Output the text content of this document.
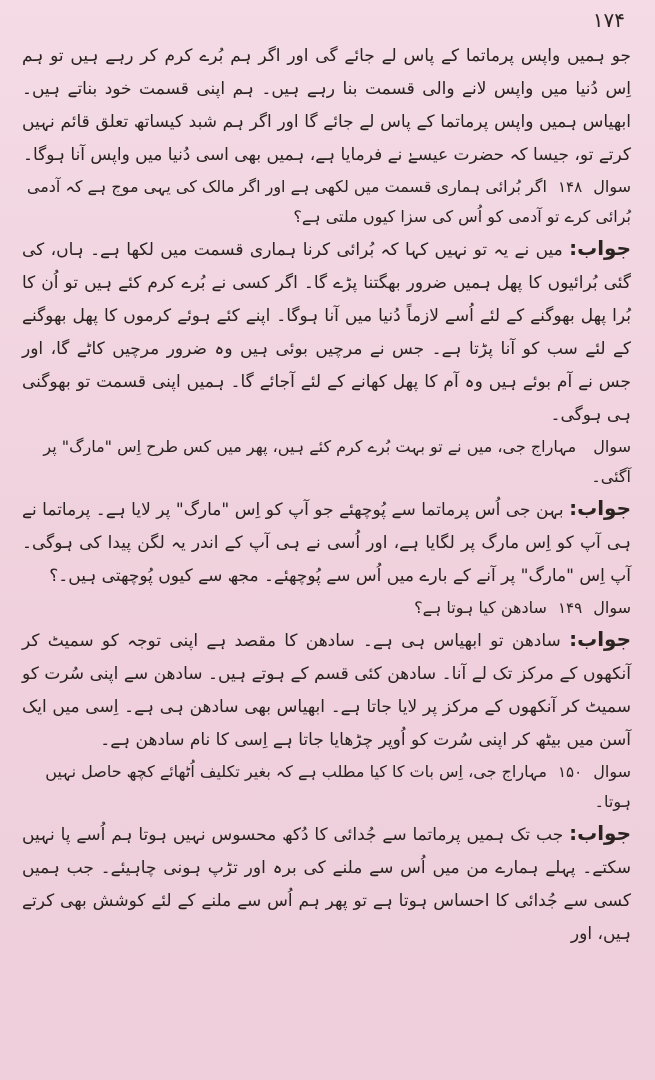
۱۷۴

جو ہمیں واپس پرماتما کے پاس لے جائے گی اور اگر ہم بُرے کرم کر رہے ہیں تو ہم اِس دُنیا میں واپس لانے والی قسمت بنا رہے ہیں۔ ہم اپنی قسمت خود بناتے ہیں۔ ابھیاس ہمیں واپس پرماتما کے پاس لے جائے گا اور اگر ہم شبد کیساتھ تعلق قائم نہیں کرتے تو، جیسا کہ حضرت عیسےٰ نے فرمایا ہے، ہمیں بھی اسی دُنیا میں واپس آنا ہوگا۔

سوال ۱۴۸ اگر بُرائی ہماری قسمت میں لکھی ہے اور اگر مالک کی یہی موج ہے کہ آدمی بُرائی کرے تو آدمی کو اُس کی سزا کیوں ملتی ہے؟

جواب: میں نے یہ تو نہیں کہا کہ بُرائی کرنا ہماری قسمت میں لکھا ہے۔ ہاں، کی گئی بُرائیوں کا پھل ہمیں ضرور بھگتنا پڑے گا۔ اگر کسی نے بُرے کرم کئے ہیں تو اُن کا بُرا پھل بھوگنے کے لئے اُسے لازماً دُنیا میں آنا ہوگا۔ اپنے کئے ہوئے کرموں کا پھل بھوگنے کے لئے سب کو آنا پڑتا ہے۔ جس نے مرچیں بوئی ہیں وہ ضرور مرچیں کاٹے گا، اور جس نے آم بوئے ہیں وہ آم کا پھل کھانے کے لئے آجائے گا۔ ہمیں اپنی قسمت تو بھوگنی ہی ہوگی۔

سوال مہاراج جی، میں نے تو بہت بُرے کرم کئے ہیں، پھر میں کس طرح اِس "مارگ" پر آگئی۔

جواب: بہن جی اُس پرماتما سے پُوچھئے جو آپ کو اِس "مارگ" پر لایا ہے۔ پرماتما نے ہی آپ کو اِس مارگ پر لگایا ہے، اور اُسی نے ہی آپ کے اندر یہ لگن پیدا کی ہوگی۔ آپ اِس "مارگ" پر آنے کے بارے میں اُس سے پُوچھئے۔ مجھ سے کیوں پُوچھتی ہیں۔؟

سوال ۱۴۹ سادھن کیا ہوتا ہے؟

جواب: سادھن تو ابھیاس ہی ہے۔ سادھن کا مقصد ہے اپنی توجہ کو سمیٹ کر آنکھوں کے مرکز تک لے آنا۔ سادھن کئی قسم کے ہوتے ہیں۔ سادھن سے اپنی سُرت کو سمیٹ کر آنکھوں کے مرکز پر لایا جاتا ہے۔ ابھیاس بھی سادھن ہی ہے۔ اِسی میں ایک آسن میں بیٹھ کر اپنی سُرت کو اُوپر چڑھایا جاتا ہے اِسی کا نام سادھن ہے۔

سوال ۱۵۰ مہاراج جی، اِس بات کا کیا مطلب ہے کہ بغیر تکلیف اُٹھائے کچھ حاصل نہیں ہوتا۔

جواب: جب تک ہمیں پرماتما سے جُدائی کا دُکھ محسوس نہیں ہوتا ہم اُسے پا نہیں سکتے۔ پہلے ہمارے من میں اُس سے ملنے کی برہ اور تڑپ ہونی چاہیئے۔ جب ہمیں کسی سے جُدائی کا احساس ہوتا ہے تو پھر ہم اُس سے ملنے کے لئے کوشش بھی کرتے ہیں، اور
